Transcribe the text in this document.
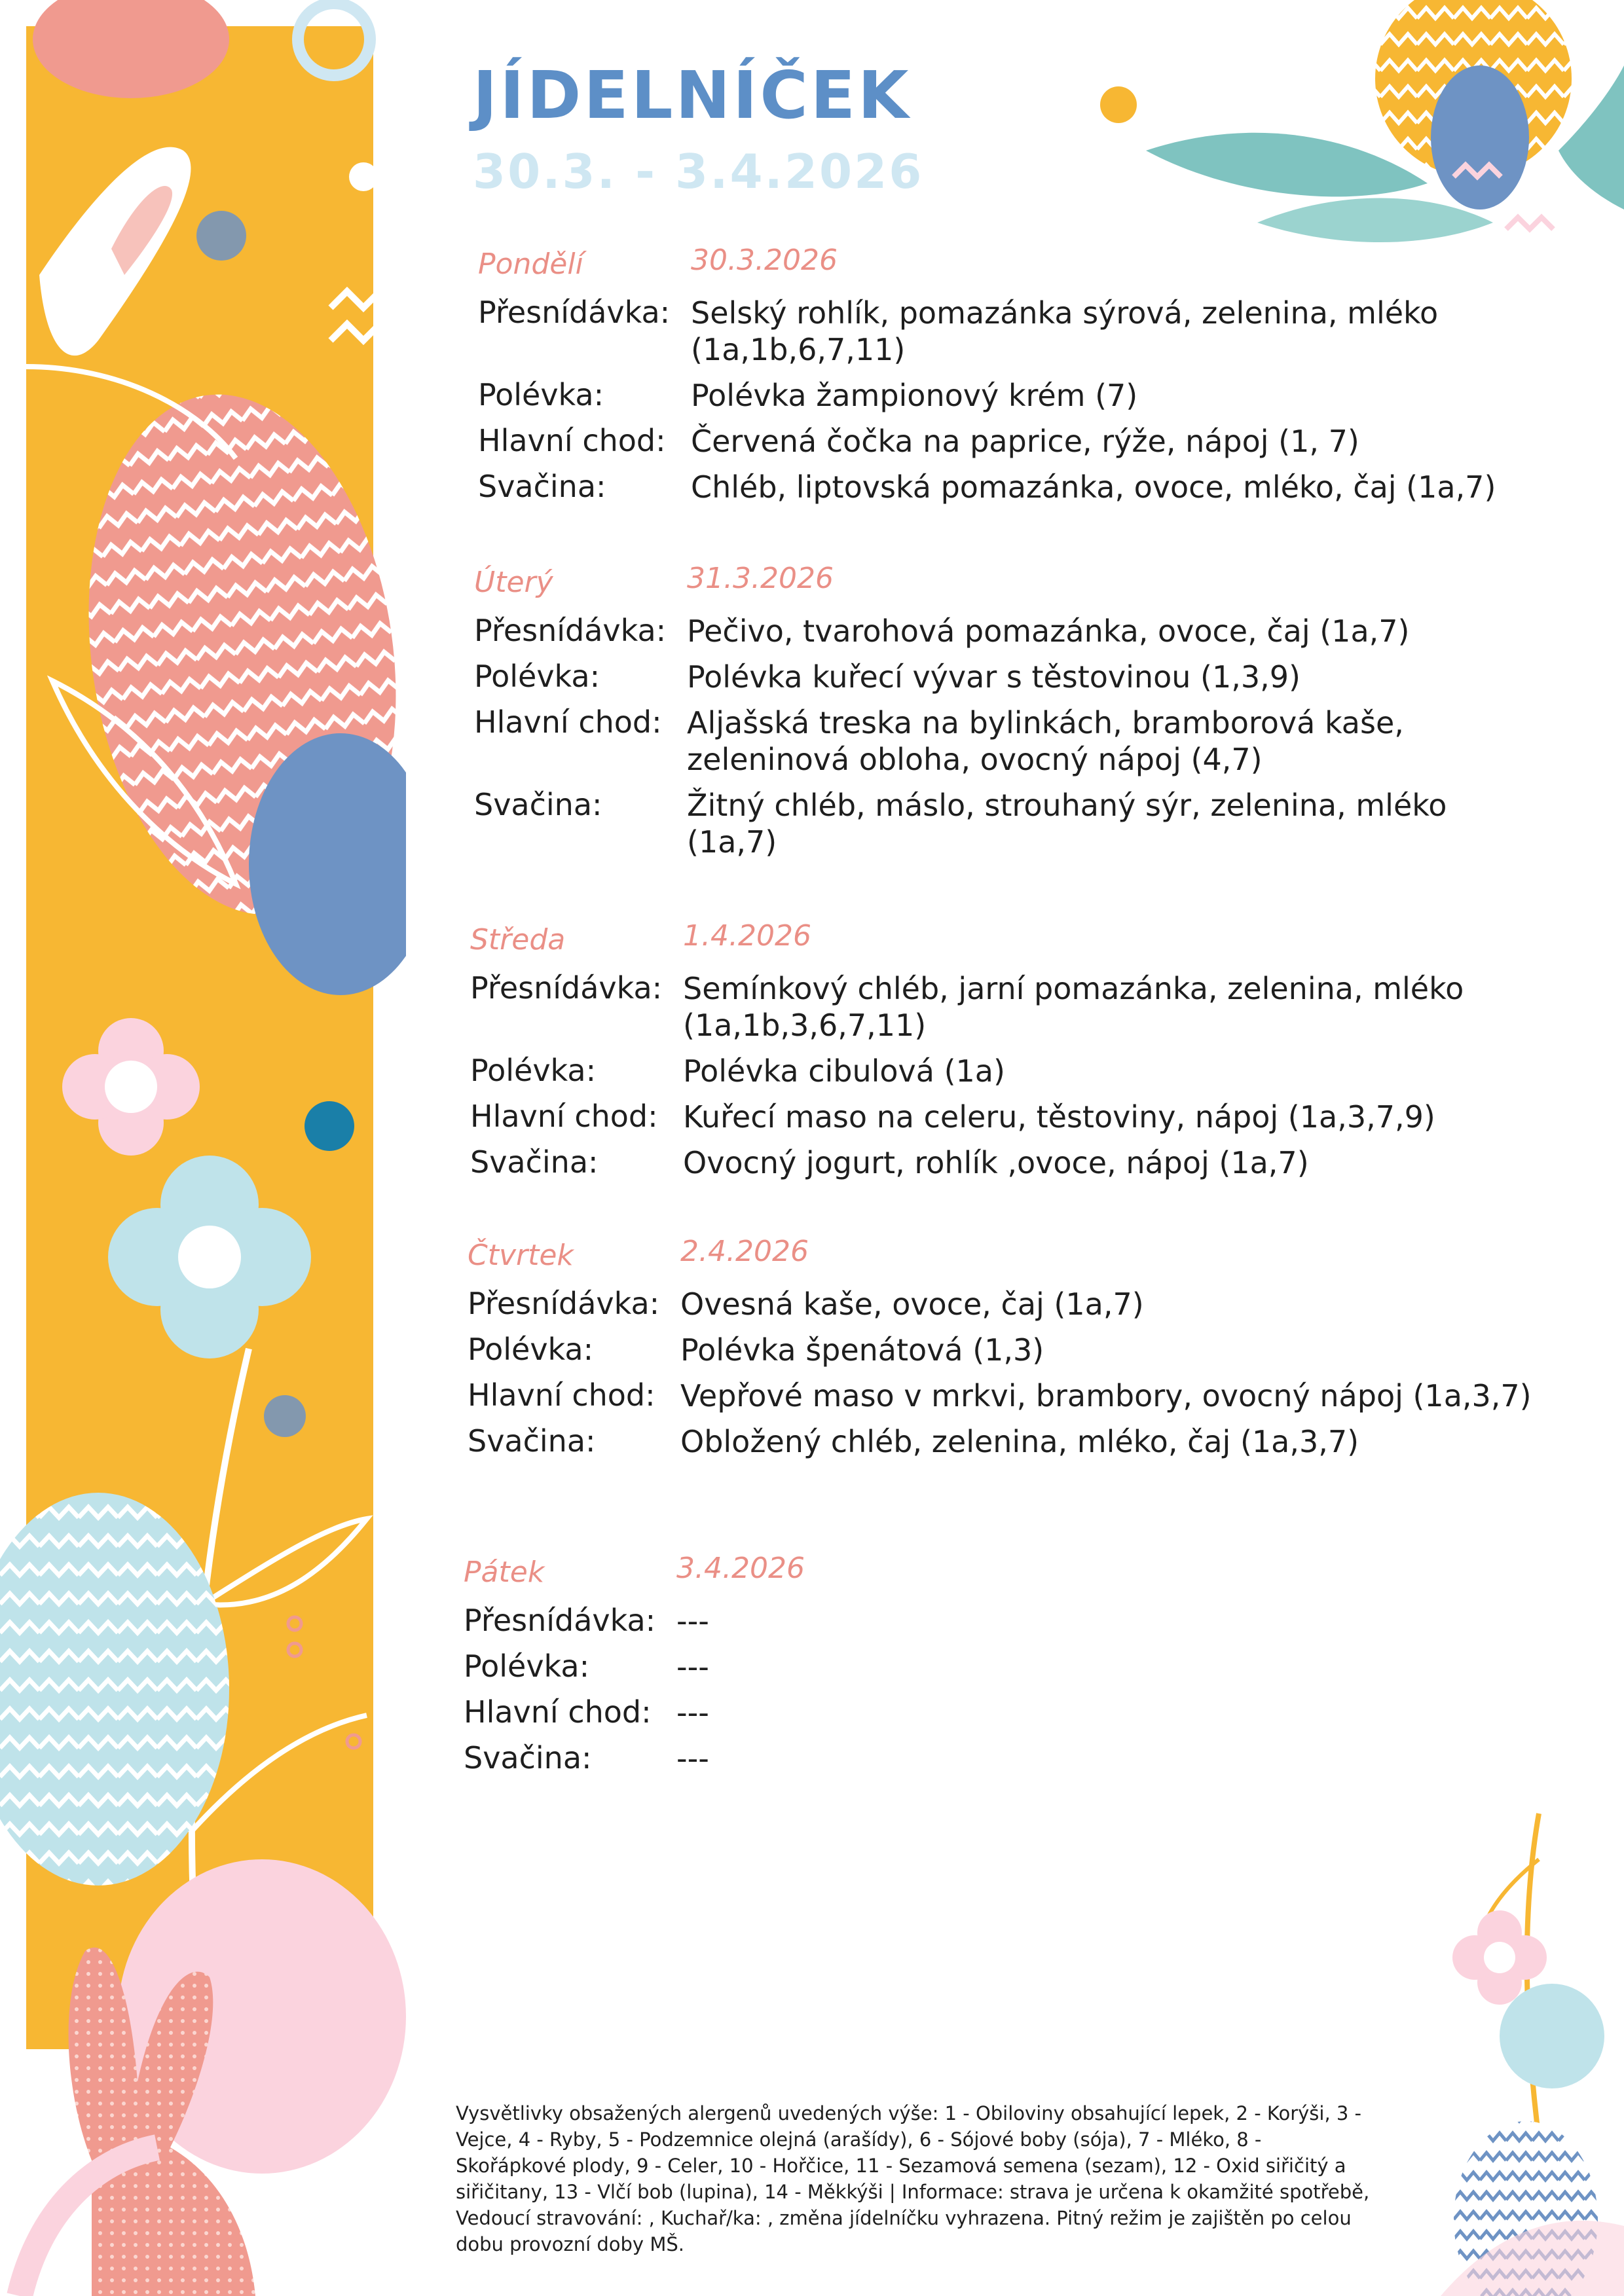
JÍDELNÍČEK
30.3. - 3.4.2026
Pondělí	30.3.2026
Přesnídávka: Selský rohlík, pomazánka sýrová, zelenina, mléko (1a,1b,6,7,11)
Polévka:	Polévka žampionový krém (7)
Hlavní chod: Červená čočka na paprice, rýže, nápoj (1, 7)
Svačina:	Chléb, liptovská pomazánka, ovoce, mléko, čaj (1a,7)
Úterý	31.3.2026
Přesnídávka: Pečivo, tvarohová pomazánka, ovoce, čaj (1a,7)
Polévka:	Polévka kuřecí vývar s těstovinou (1,3,9)
Hlavní chod: Aljašská treska na bylinkách, bramborová kaše, zeleninová obloha, ovocný nápoj (4,7)
Svačina:	Žitný chléb, máslo, strouhaný sýr, zelenina, mléko (1a,7)
Středa	1.4.2026
Přesnídávka: Semínkový chléb, jarní pomazánka, zelenina, mléko (1a,1b,3,6,7,11)
Polévka:	Polévka cibulová (1a)
Hlavní chod: Kuřecí maso na celeru, těstoviny, nápoj (1a,3,7,9)
Svačina:	Ovocný jogurt, rohlík ,ovoce, nápoj (1a,7)
Čtvrtek	2.4.2026
Přesnídávka: Ovesná kaše, ovoce, čaj (1a,7)
Polévka:	Polévka špenátová (1,3)
Hlavní chod: Vepřové maso v mrkvi, brambory, ovocný nápoj (1a,3,7)
Svačina:	Obložený chléb, zelenina, mléko, čaj (1a,3,7)
Pátek	3.4.2026
Přesnídávka: ---
Polévka:	---
Hlavní chod: ---
Svačina:	---
Vysvětlivky obsažených alergenů uvedených výše: 1 - Obiloviny obsahující lepek, 2 - Korýši, 3 - Vejce, 4 - Ryby, 5 - Podzemnice olejná (arašídy), 6 - Sójové boby (sója), 7 - Mléko, 8 - Skořápkové plody, 9 - Celer, 10 - Hořčice, 11 - Sezamová semena (sezam), 12 - Oxid siřičitý a siřičitany, 13 - Vlčí bob (lupina), 14 - Měkkýši | Informace: strava je určena k okamžité spotřebě, Vedoucí stravování: , Kuchař/ka: , změna jídelníčku vyhrazena. Pitný režim je zajištěn po celou dobu provozní doby MŠ.
